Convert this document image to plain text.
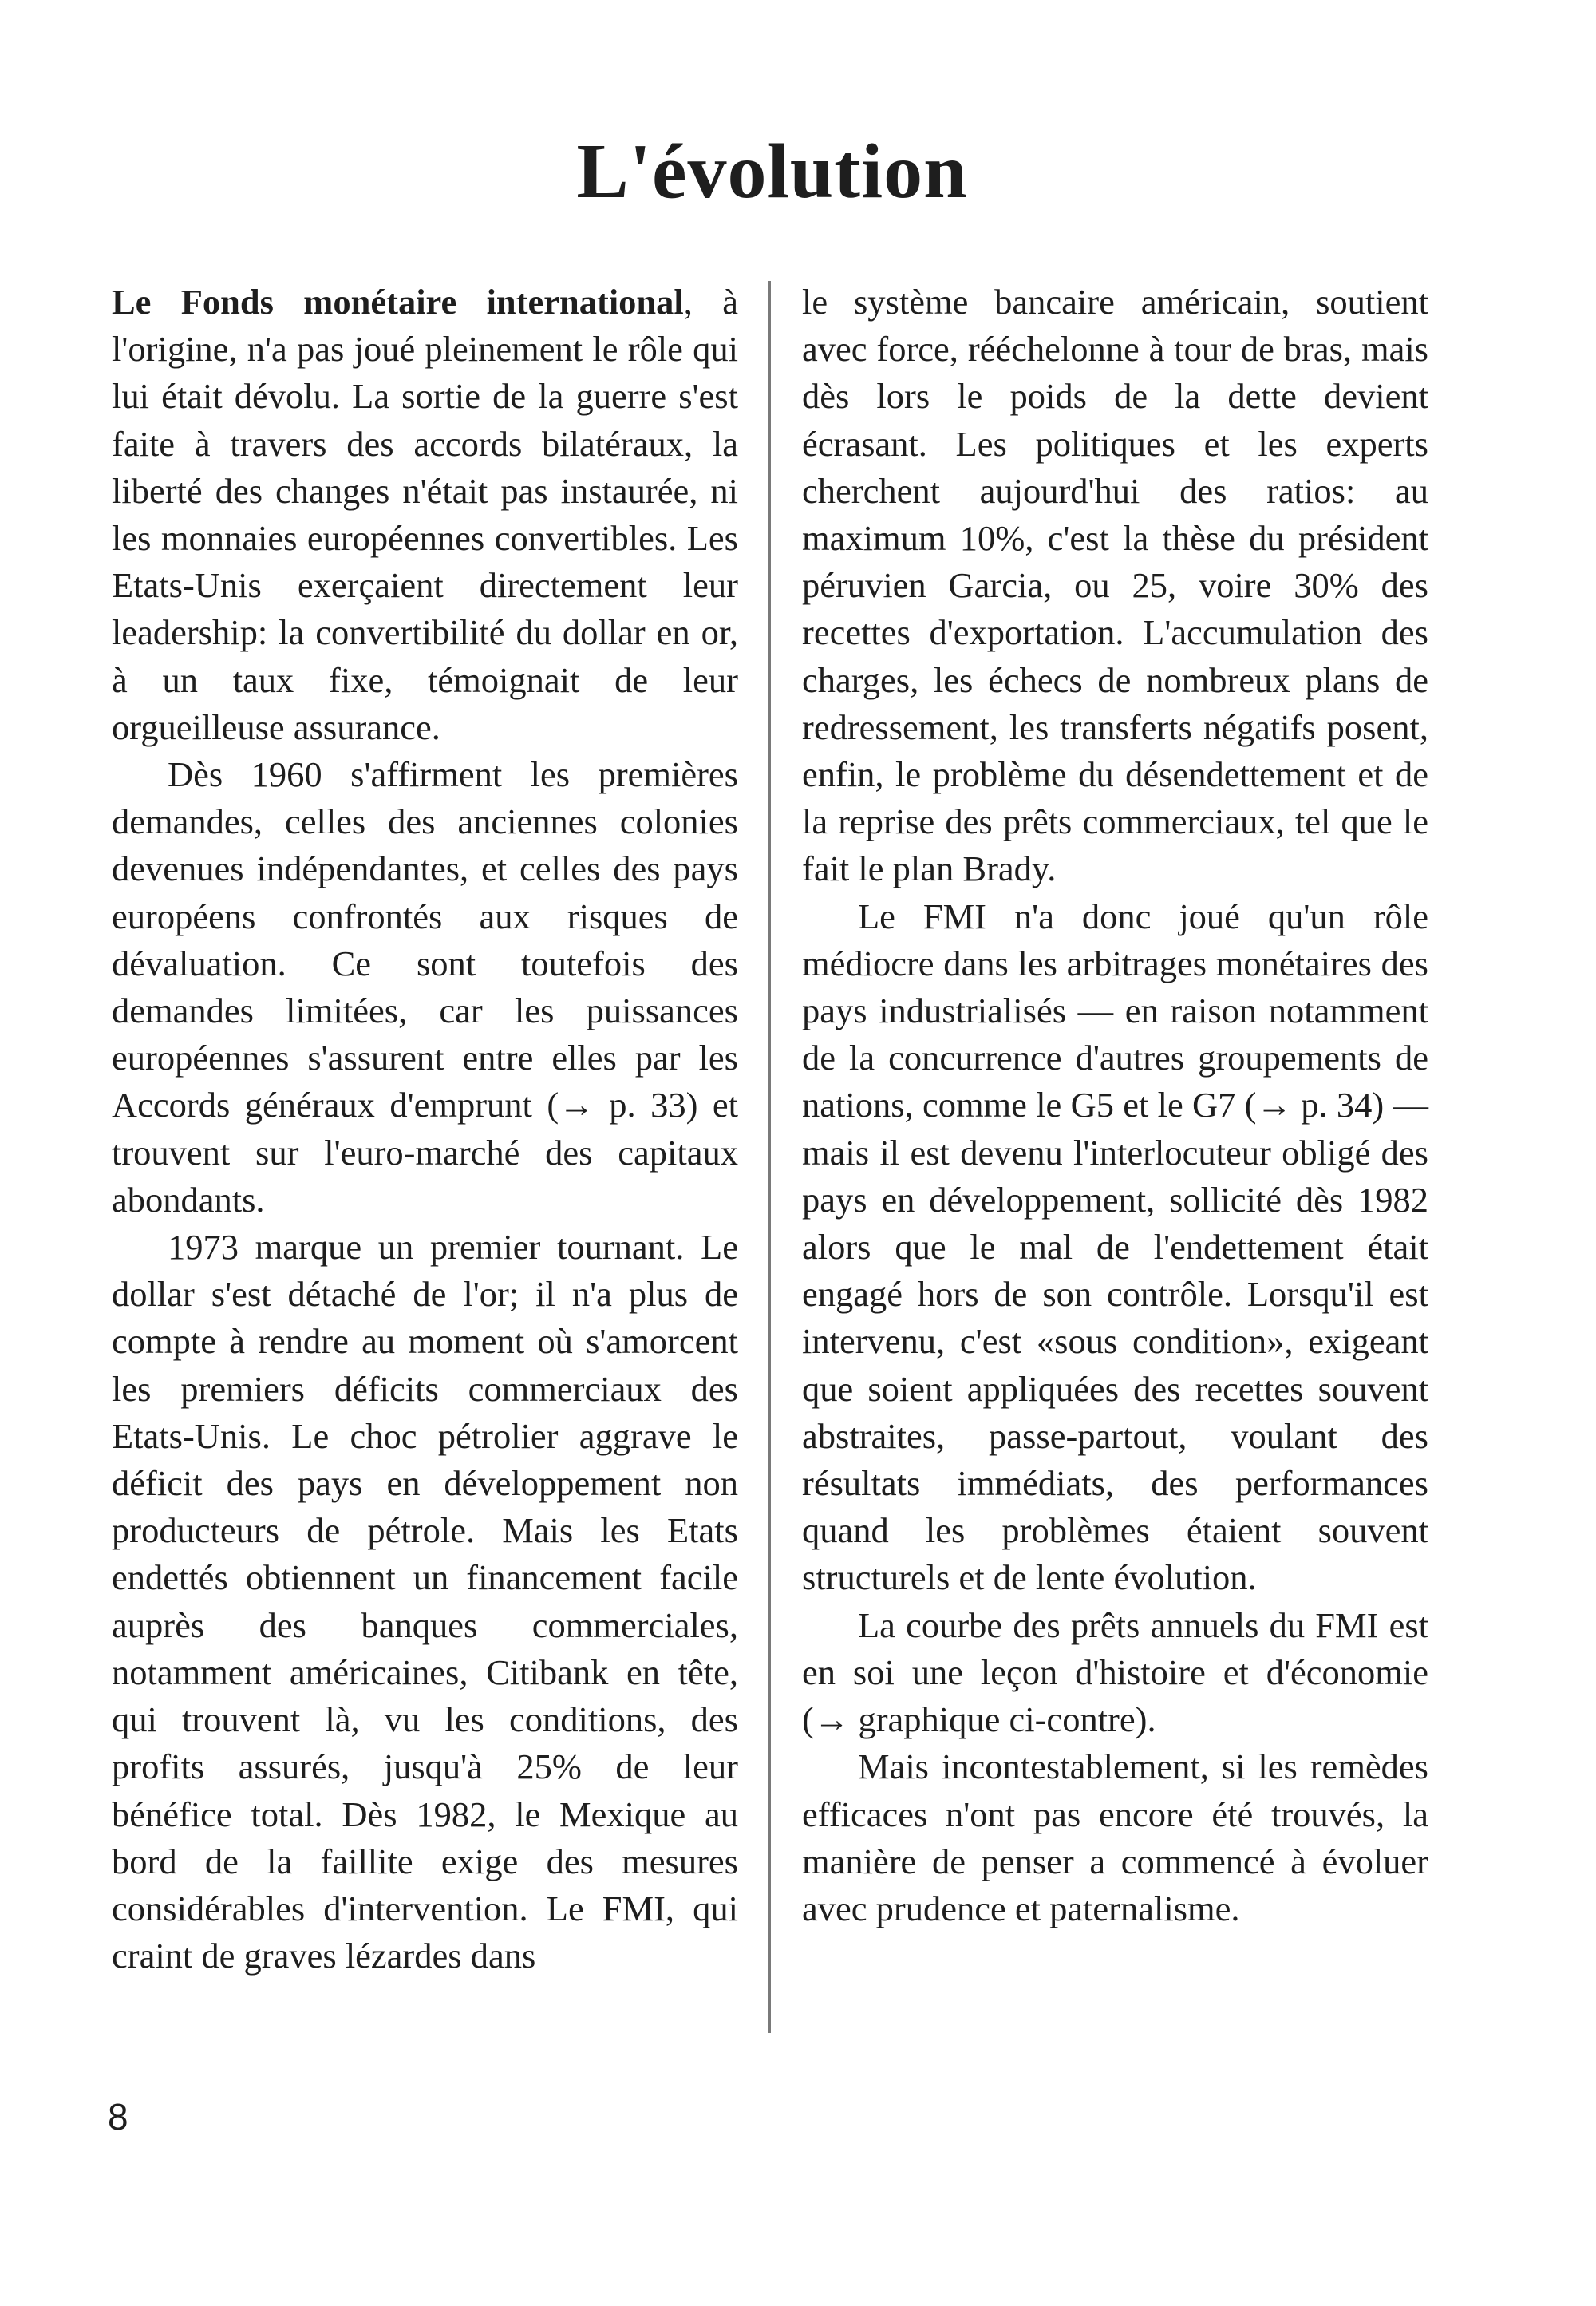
L'évolution

Le Fonds monétaire international, à l'origine, n'a pas joué pleinement le rôle qui lui était dévolu. La sortie de la guerre s'est faite à travers des accords bilatéraux, la liberté des changes n'était pas instaurée, ni les monnaies européennes convertibles. Les Etats-Unis exerçaient directement leur leadership: la convertibilité du dollar en or, à un taux fixe, témoignait de leur orgueilleuse assurance.

Dès 1960 s'affirment les premières demandes, celles des anciennes colonies devenues indépendantes, et celles des pays européens confrontés aux risques de dévaluation. Ce sont toutefois des demandes limitées, car les puissances européennes s'assurent entre elles par les Accords généraux d'emprunt (→ p. 33) et trouvent sur l'euro-marché des capitaux abondants.

1973 marque un premier tournant. Le dollar s'est détaché de l'or; il n'a plus de compte à rendre au moment où s'amorcent les premiers déficits commerciaux des Etats-Unis. Le choc pétrolier aggrave le déficit des pays en développement non producteurs de pétrole. Mais les Etats endettés obtiennent un financement facile auprès des banques commerciales, notamment américaines, Citibank en tête, qui trouvent là, vu les conditions, des profits assurés, jusqu'à 25% de leur bénéfice total. Dès 1982, le Mexique au bord de la faillite exige des mesures considérables d'intervention. Le FMI, qui craint de graves lézardes dans

le système bancaire américain, soutient avec force, rééchelonne à tour de bras, mais dès lors le poids de la dette devient écrasant. Les politiques et les experts cherchent aujourd'hui des ratios: au maximum 10%, c'est la thèse du président péruvien Garcia, ou 25, voire 30% des recettes d'exportation. L'accumulation des charges, les échecs de nombreux plans de redressement, les transferts négatifs posent, enfin, le problème du désendettement et de la reprise des prêts commerciaux, tel que le fait le plan Brady.

Le FMI n'a donc joué qu'un rôle médiocre dans les arbitrages monétaires des pays industrialisés — en raison notamment de la concurrence d'autres groupements de nations, comme le G5 et le G7 (→ p. 34) — mais il est devenu l'interlocuteur obligé des pays en développement, sollicité dès 1982 alors que le mal de l'endettement était engagé hors de son contrôle. Lorsqu'il est intervenu, c'est «sous condition», exigeant que soient appliquées des recettes souvent abstraites, passe-partout, voulant des résultats immédiats, des performances quand les problèmes étaient souvent structurels et de lente évolution.

La courbe des prêts annuels du FMI est en soi une leçon d'histoire et d'économie (→ graphique ci-contre).

Mais incontestablement, si les remèdes efficaces n'ont pas encore été trouvés, la manière de penser a commencé à évoluer avec prudence et paternalisme.

8
